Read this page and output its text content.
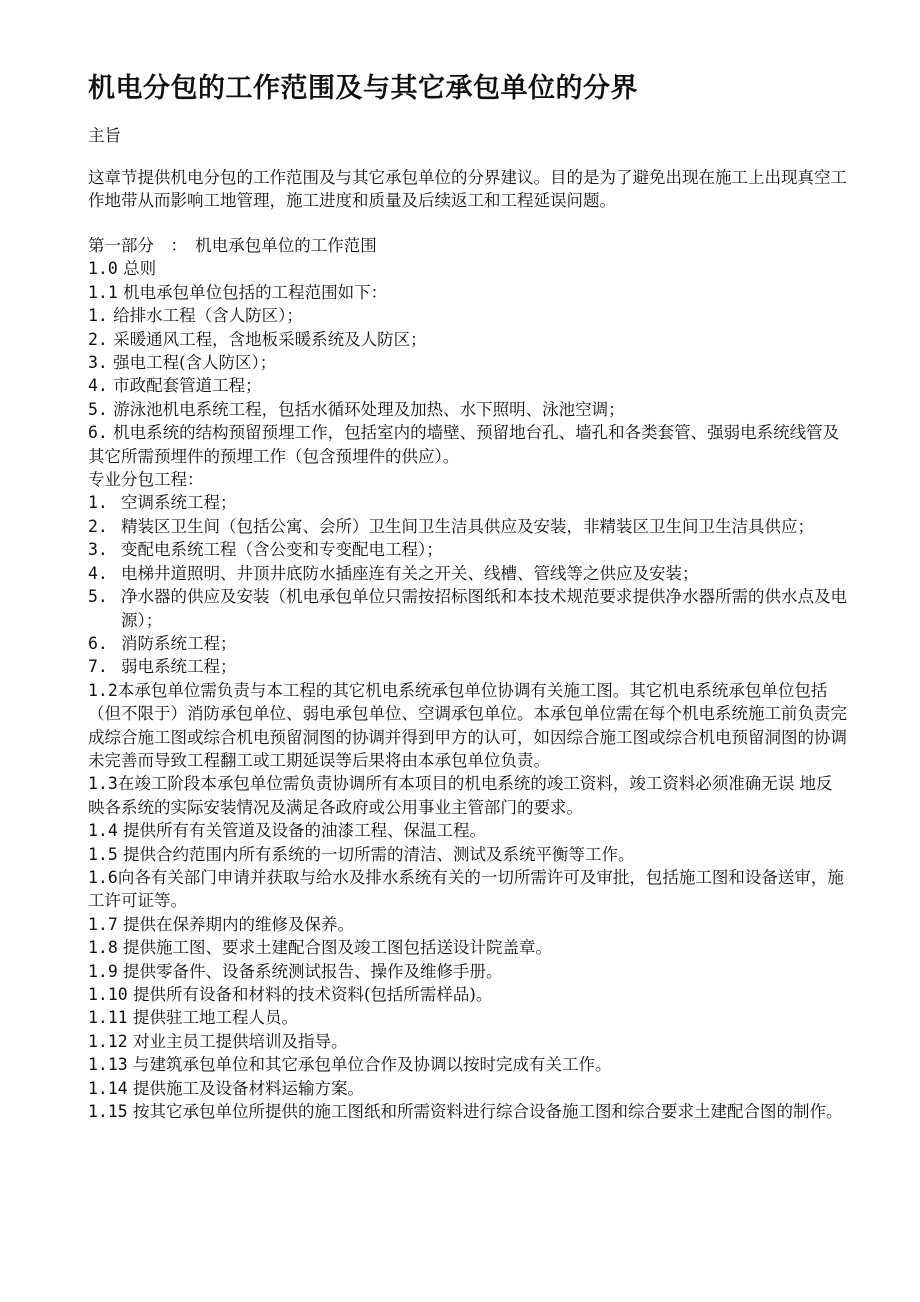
机电分包的工作范围及与其它承包单位的分界
主旨
这章节提供机电分包的工作范围及与其它承包单位的分界建议。目的是为了避免出现在施工上出现真空工作地带从而影响工地管理，施工进度和质量及后续返工和工程延误问题。
第一部分　：　机电承包单位的工作范围
1.0
总则
1.1
机电承包单位包括的工程范围如下：
1. 给排水工程（含人防区）；
2. 采暖通风工程，含地板采暖系统及人防区；
3. 强电工程(含人防区）；
4. 市政配套管道工程；
5. 游泳池机电系统工程，包括水循环处理及加热、水下照明、泳池空调；
6. 机电系统的结构预留预埋工作，包括室内的墙壁、预留地台孔、墙孔和各类套管、强弱电系统线管及其它所需预埋件的预埋工作（包含预埋件的供应）。
专业分包工程：
1. 空调系统工程；
2. 精装区卫生间（包括公寓、会所）卫生间卫生洁具供应及安装，非精装区卫生间卫生洁具供应；
3. 变配电系统工程（含公变和专变配电工程）；
4. 电梯井道照明、井顶井底防水插座连有关之开关、线槽、管线等之供应及安装；
5. 净水器的供应及安装（机电承包单位只需按招标图纸和本技术规范要求提供净水器所需的供水点及电源）；
6. 消防系统工程；
7. 弱电系统工程；
1.2本承包单位需负责与本工程的其它机电系统承包单位协调有关施工图。其它机电系统承包单位包括（但不限于）消防承包单位、弱电承包单位、空调承包单位。本承包单位需在每个机电系统施工前负责完成综合施工图或综合机电预留洞图的协调并得到甲方的认可，如因综合施工图或综合机电预留洞图的协调未完善而导致工程翻工或工期延误等后果将由本承包单位负责。
1.3在竣工阶段本承包单位需负责协调所有本项目的机电系统的竣工资料，竣工资料必须准确无误 地反映各系统的实际安装情况及满足各政府或公用事业主管部门的要求。
1.4 提供所有有关管道及设备的油漆工程、保温工程。
1.5 提供合约范围内所有系统的一切所需的清洁、测试及系统平衡等工作。
1.6向各有关部门申请并获取与给水及排水系统有关的一切所需许可及审批，包括施工图和设备送审，施工许可证等。
1.7 提供在保养期内的维修及保养。
1.8 提供施工图、要求土建配合图及竣工图包括送设计院盖章。
1.9 提供零备件、设备系统测试报告、操作及维修手册。
1.10 提供所有设备和材料的技术资料(包括所需样品)。
1.11 提供驻工地工程人员。
1.12 对业主员工提供培训及指导。
1.13 与建筑承包单位和其它承包单位合作及协调以按时完成有关工作。
1.14 提供施工及设备材料运输方案。
1.15 按其它承包单位所提供的施工图纸和所需资料进行综合设备施工图和综合要求土建配合图的制作。
